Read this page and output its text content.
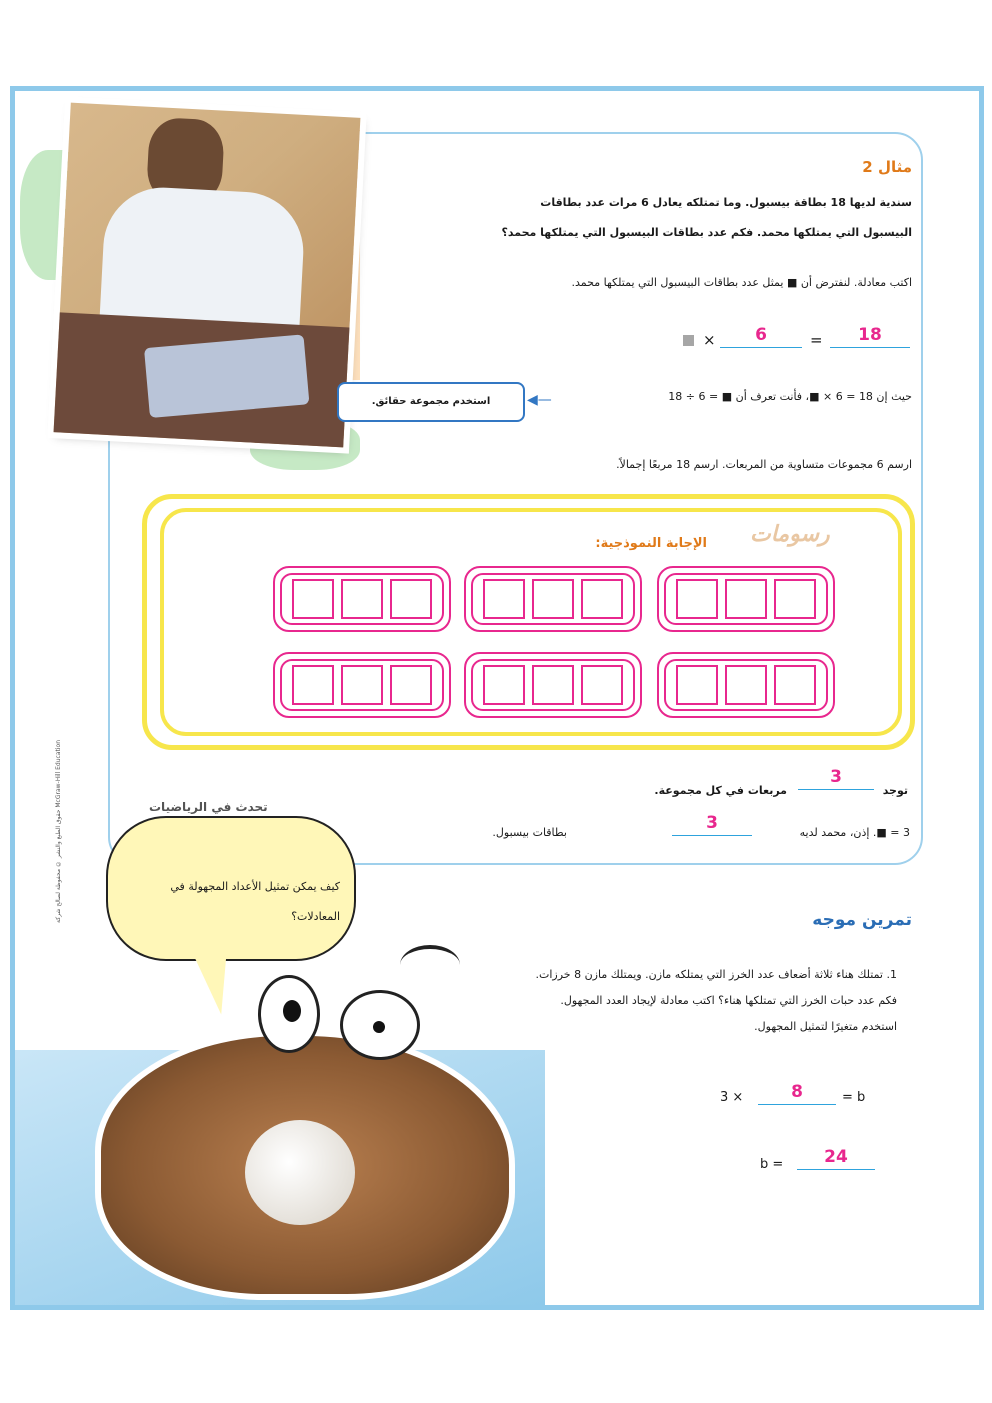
مثال 2
سندية لديها 18 بطاقة بيسبول. وما تمتلكه يعادل 6 مرات عدد بطاقات البيسبول التي يمتلكها محمد. فكم عدد بطاقات البيسبول التي يمتلكها محمد؟
اكتب معادلة. لنفترض أن ■ يمثل عدد بطاقات البيسبول التي يمتلكها محمد.
×	6	=	18
استخدم مجموعة حقائق.	◀—	حيث إن 18 = 6 × ■، فأنت تعرف أن ■ = 6 ÷ 18
ارسم 6 مجموعات متساوية من المربعات. ارسم 18 مربعًا إجمالاً.
رسومات
الإجابة النموذجية:
توجد
3
مربعات في كل مجموعة.
3 = ■. إذن، محمد لديه
3
بطاقات بيسبول.
حقوق الطبع والنشر © محفوظة لصالح شركة McGraw-Hill Education	تحدث في الرياضيات
كيف يمكن تمثيل الأعداد المجهولة في المعادلات؟	تمرين موجه
1. تمتلك هناء ثلاثة أضعاف عدد الخرز التي يمتلكه مازن. ويمتلك مازن 8 خرزات. فكم عدد حبات الخرز التي تمتلكها هناء؟ اكتب معادلة لإيجاد العدد المجهول. استخدم متغيرًا لتمثيل المجهول.
3 ×	8	= b
b =	24
